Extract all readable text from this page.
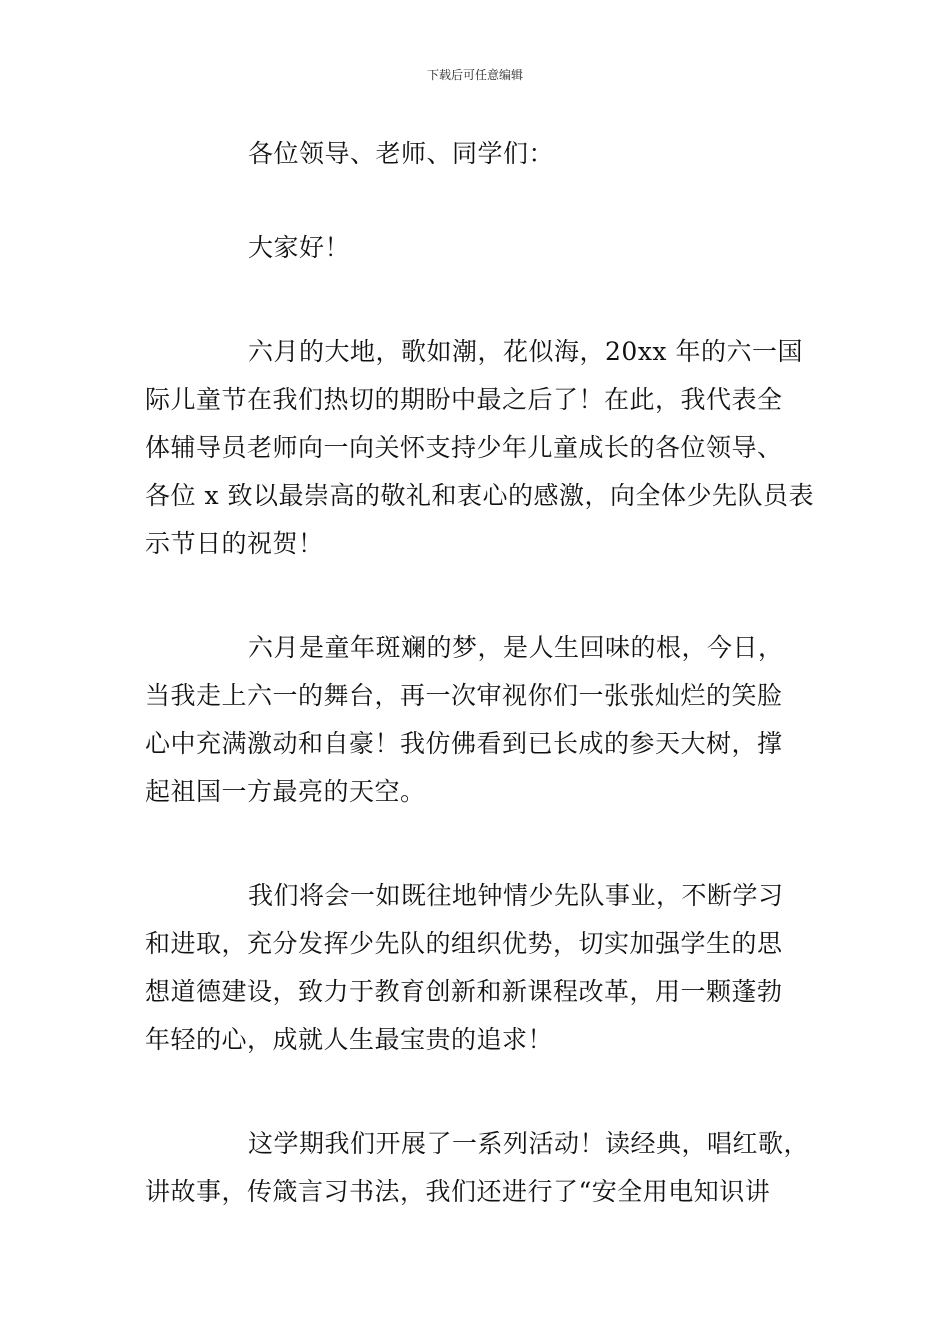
下载后可任意编辑
各位领导、老师、同学们：
大家好！
六月的大地，歌如潮，花似海，20xx 年的六一国
际儿童节在我们热切的期盼中最之后了！在此，我代表全
体辅导员老师向一向关怀支持少年儿童成长的各位领导、
各位 x 致以最崇高的敬礼和衷心的感激，向全体少先队员表
示节日的祝贺！
六月是童年斑斓的梦，是人生回味的根，今日，
当我走上六一的舞台，再一次审视你们一张张灿烂的笑脸
心中充满激动和自豪！我仿佛看到已长成的参天大树，撑
起祖国一方最亮的天空。
我们将会一如既往地钟情少先队事业，不断学习
和进取，充分发挥少先队的组织优势，切实加强学生的思
想道德建设，致力于教育创新和新课程改革，用一颗蓬勃
年轻的心，成就人生最宝贵的追求！
这学期我们开展了一系列活动！读经典，唱红歌，
讲故事，传箴言习书法，我们还进行了“安全用电知识讲
